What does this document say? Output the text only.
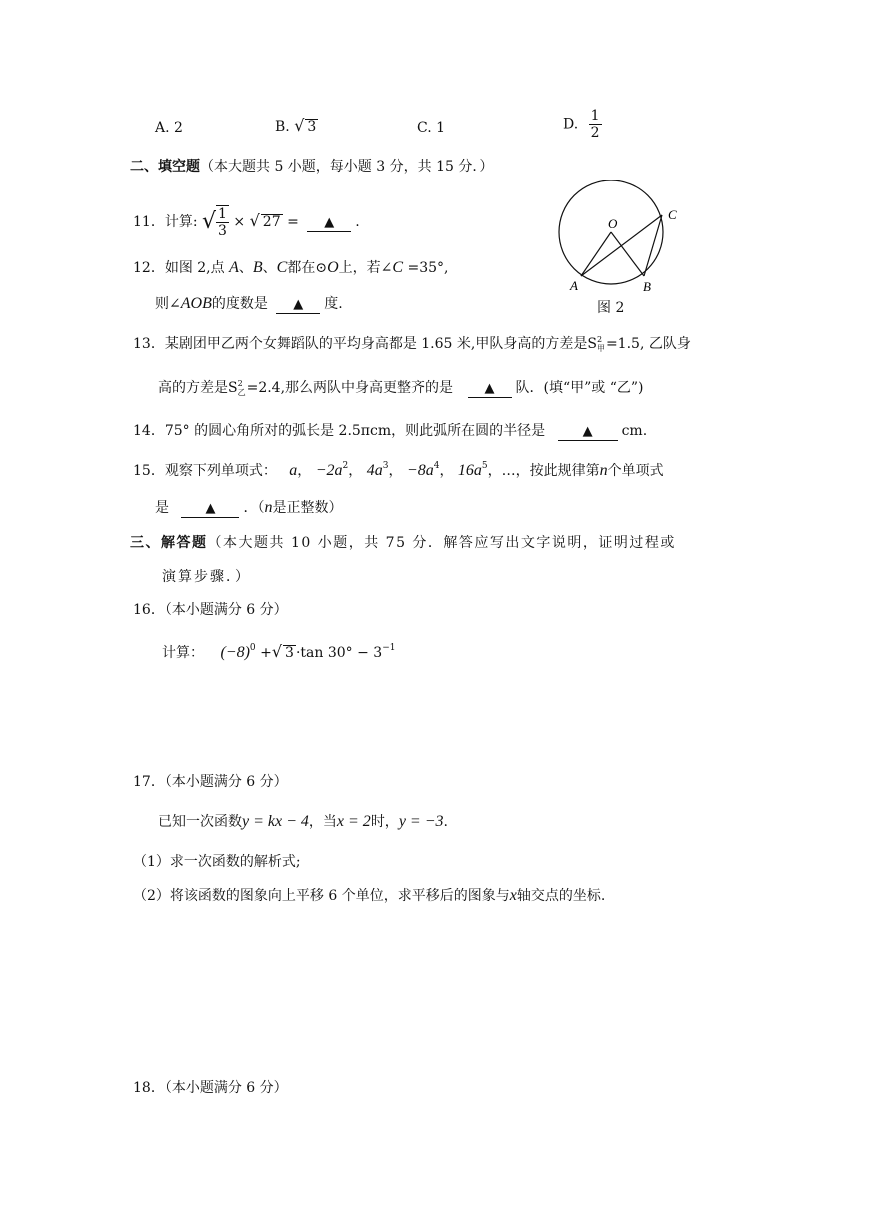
A. 2	B. √ 3	C. 1	D. $\frac{1}{2}$
二、填空题（本大题共 5 小题，每小题 3 分，共 15 分．）
11．计算: √ $\frac{1}{3}$ × √ 27 = ▲ .	O
A	B
C
图 2
12．如图 2,点 A、B、C都在⊙O上，若∠C =35°,
则∠AOB的度数是 ▲ 度.
13．某剧团甲乙两个女舞蹈队的平均身高都是 1.65 米,甲队身高的方差是S 2
甲 =1.5, 乙队身
高的方差是S 2
乙 =2.4,那么两队中身高更整齐的是 ▲ 队．(填“甲”或 “乙”)
14．75° 的圆心角所对的弧长是 2.5πcm，则此弧所在圆的半径是	▲ cm.
15．观察下列单项式： a， $-2a^2$， $4a^3$， $-8a^4$， $16a^5$，…，按此规律第n个单项式
是	▲ ．（n是正整数）
三、解答题（本大题共 10 小题，共 75 分．解答应写出文字说明，证明过程或
演算步骤．）
16．（本小题满分 6 分）
计算： $(-8)^0$ +√ 3 ·tan $30^\circ - 3^{-1}$
17．（本小题满分 6 分）
已知一次函数y = kx − 4，当x = 2时，y = −3.
（1）求一次函数的解析式;
（2）将该函数的图象向上平移 6 个单位，求平移后的图象与x轴交点的坐标.
18．（本小题满分 6 分）
